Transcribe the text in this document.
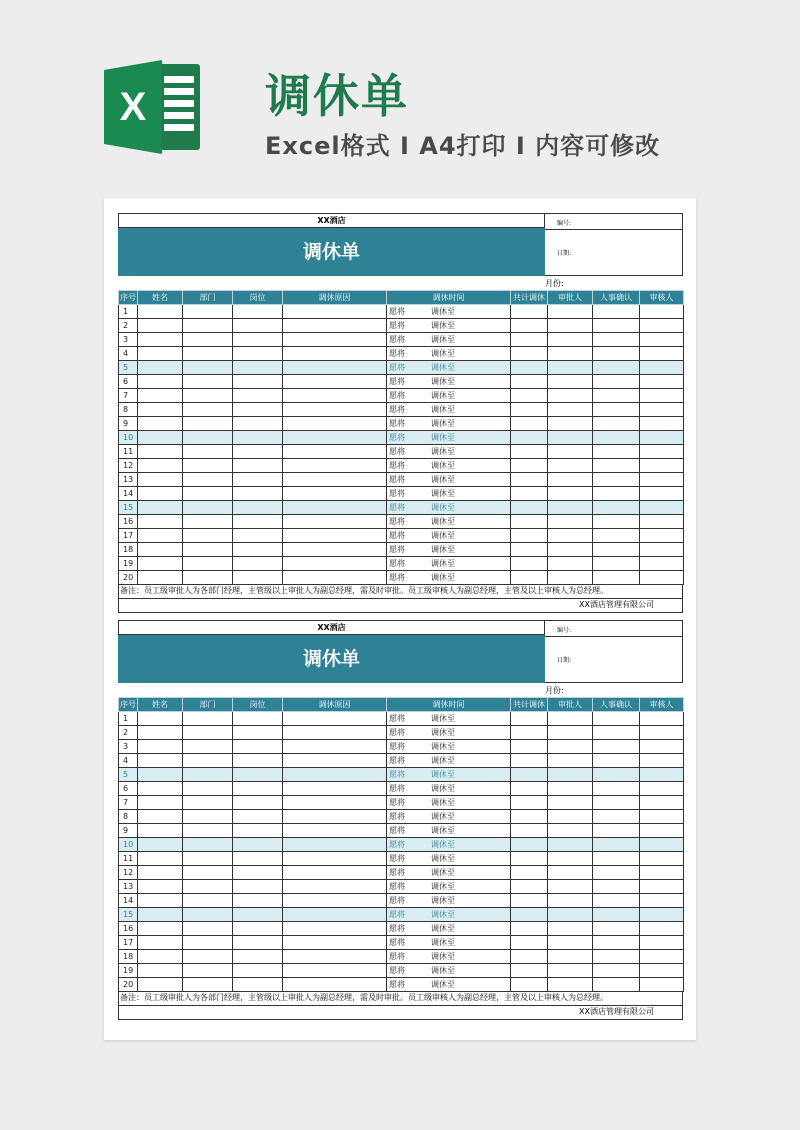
X	调休单
Excel格式 I A4打印 I 内容可修改
XX酒店
调休单
编号:
日期:
月份:
序号	姓名	部门	岗位	调休原因	调休时间	共计调休	审批人	人事确认	审核人
1					愿将 调休至				
2					愿将 调休至				
3					愿将 调休至				
4					愿将 调休至				
5					愿将 调休至				
6					愿将 调休至				
7					愿将 调休至				
8					愿将 调休至				
9					愿将 调休至				
10					愿将 调休至				
11					愿将 调休至				
12					愿将 调休至				
13					愿将 调休至				
14					愿将 调休至				
15					愿将 调休至				
16					愿将 调休至				
17					愿将 调休至				
18					愿将 调休至				
19					愿将 调休至				
20					愿将 调休至				
备注：员工级审批人为各部门经理，主管级以上审批人为副总经理，需及时审批。员工级审核人为副总经理，主管及以上审核人为总经理。
XX酒店管理有限公司
XX酒店
调休单
编号:
日期:
月份:
序号	姓名	部门	岗位	调休原因	调休时间	共计调休	审批人	人事确认	审核人
1					愿将 调休至				
2					愿将 调休至				
3					愿将 调休至				
4					愿将 调休至				
5					愿将 调休至				
6					愿将 调休至				
7					愿将 调休至				
8					愿将 调休至				
9					愿将 调休至				
10					愿将 调休至				
11					愿将 调休至				
12					愿将 调休至				
13					愿将 调休至				
14					愿将 调休至				
15					愿将 调休至				
16					愿将 调休至				
17					愿将 调休至				
18					愿将 调休至				
19					愿将 调休至				
20					愿将 调休至				
备注：员工级审批人为各部门经理，主管级以上审批人为副总经理，需及时审批。员工级审核人为副总经理，主管及以上审核人为总经理。
XX酒店管理有限公司
